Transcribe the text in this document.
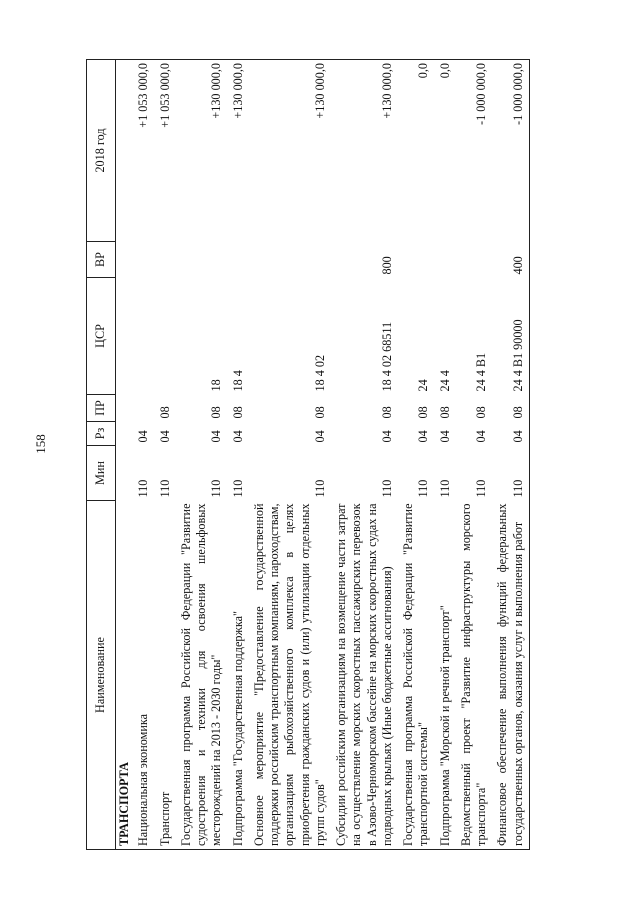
158
Наименование	Мин	Рз	ПР	ЦСР	ВР	2018 год
ТРАНСПОРТА						
Национальная экономика	110	04				+1 053 000,0
Транспорт	110	04	08			+1 053 000,0
Государственная программа Российской Федерации "Развитие судостроения и техники для освоения шельфовых месторождений на 2013 - 2030 годы"	110	04	08	18		+130 000,0
Подпрограмма "Государственная поддержка"	110	04	08	18 4		+130 000,0
Основное мероприятие "Предоставление государственной поддержки российским транспортным компаниям, пароходствам, организациям рыбохозяйственного комплекса в целях приобретения гражданских судов и (или) утилизации отдельных групп судов"	110	04	08	18 4 02		+130 000,0
Субсидии российским организациям на возмещение части затрат на осуществление морских скоростных пассажирских перевозок в Азово-Черноморском бассейне на морских скоростных судах на подводных крыльях (Иные бюджетные ассигнования)	110	04	08	18 4 02 68511	800	+130 000,0
Государственная программа Российской Федерации "Развитие транспортной системы"	110	04	08	24		0,0
Подпрограмма "Морской и речной транспорт"	110	04	08	24 4		0,0
Ведомственный проект "Развитие инфраструктуры морского транспорта"	110	04	08	24 4 В1		-1 000 000,0
Финансовое обеспечение выполнения функций федеральных государственных органов, оказания услуг и выполнения работ	110	04	08	24 4 В1 90000	400	-1 000 000,0
